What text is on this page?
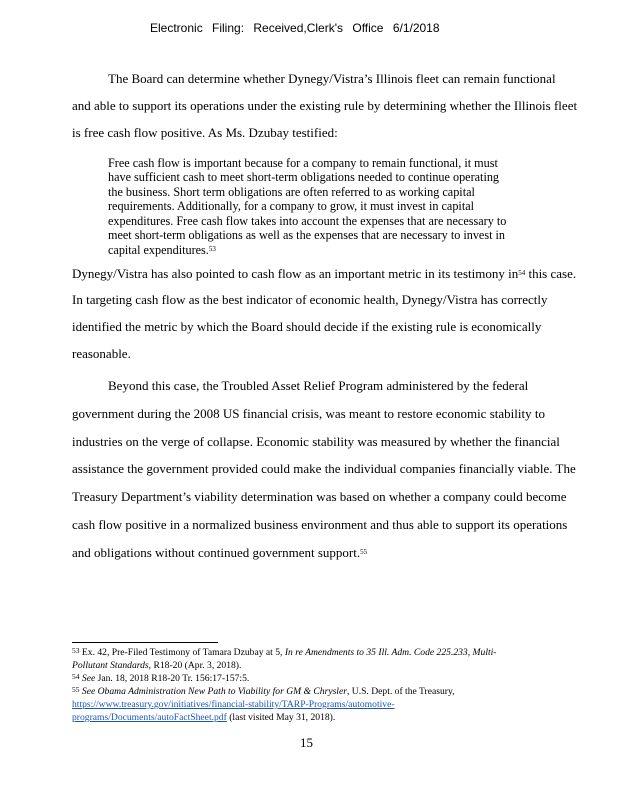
Electronic Filing: Received,Clerk's Office 6/1/2018
The Board can determine whether Dynegy/Vistra’s Illinois fleet can remain functional
and able to support its operations under the existing rule by determining whether the Illinois fleet
is free cash flow positive. As Ms. Dzubay testified:
Free cash flow is important because for a company to remain functional, it must
have sufficient cash to meet short-term obligations needed to continue operating
the business. Short term obligations are often referred to as working capital
requirements. Additionally, for a company to grow, it must invest in capital
expenditures. Free cash flow takes into account the expenses that are necessary to
meet short-term obligations as well as the expenses that are necessary to invest in
capital expenditures.$^{53}$
Dynegy/Vistra has also pointed to cash flow as an important metric in its testimony $in^{54}$ this case.
In targeting cash flow as the best indicator of economic health, Dynegy/Vistra has correctly
identified the metric by which the Board should decide if the existing rule is economically
reasonable.
Beyond this case, the Troubled Asset Relief Program administered by the federal
government during the 2008 US financial crisis, was meant to restore economic stability to
industries on the verge of collapse. Economic stability was measured by whether the financial
assistance the government provided could make the individual companies financially viable. The
Treasury Department’s viability determination was based on whether a company could become
cash flow positive in a normalized business environment and thus able to support its operations
and obligations without continued government support.$^{55}$
$^{53}$ Ex. 42, Pre-Filed Testimony of Tamara Dzubay at 5, In re Amendments to 35 Ill. Adm. Code 225.233, Multi-
Pollutant Standards, R18-20 (Apr. 3, 2018).
$^{54}$ See Jan. 18, 2018 R18-20 Tr. 156:17-157:5.
$^{55}$ See Obama Administration New Path to Viability for GM & Chrysler, U.S. Dept. of the Treasury,
https://www.treasury.gov/initiatives/financial-stability/TARP-Programs/automotive-
programs/Documents/autoFactSheet.pdf (last visited May 31, 2018).
15
